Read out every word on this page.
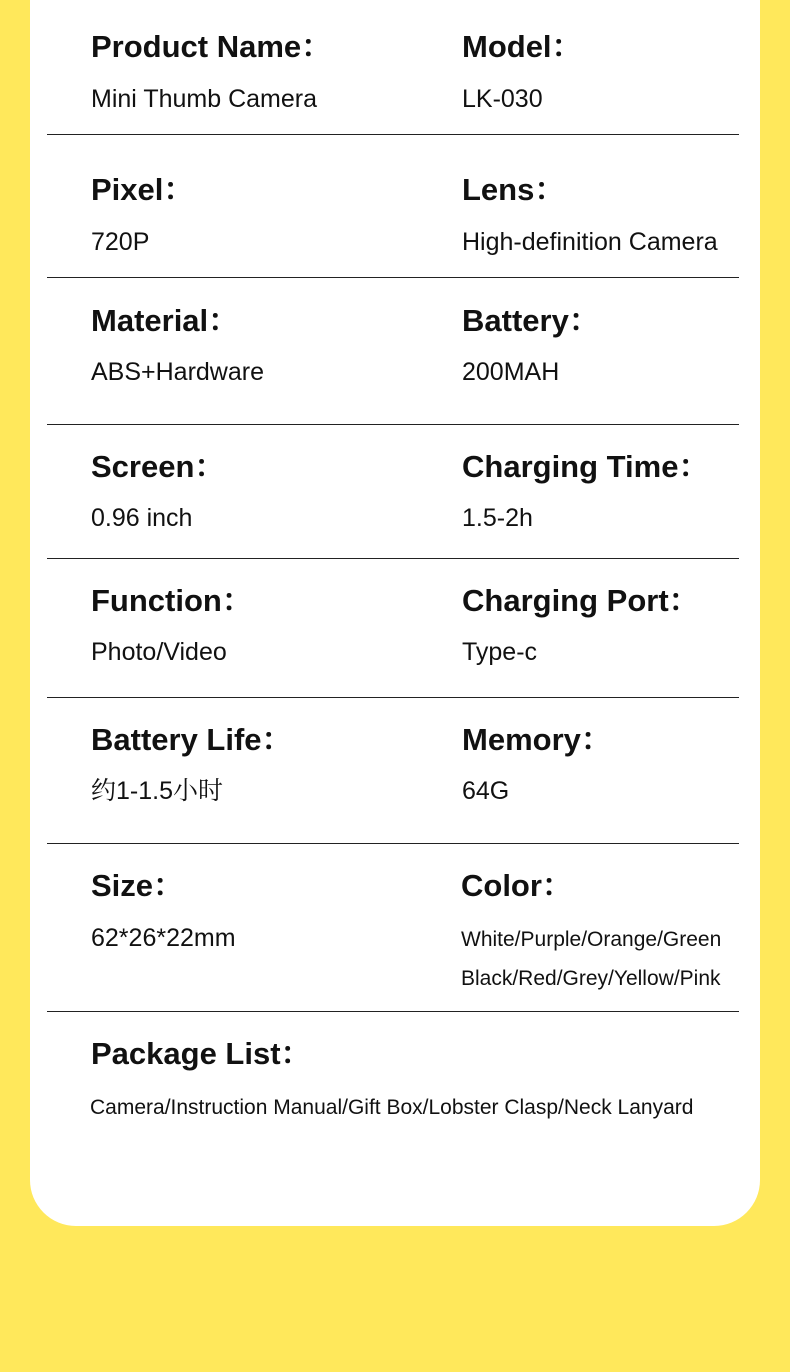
Product Name：
Mini Thumb Camera
Model：
LK-030
Pixel：
720P
Lens：
High-definition Camera
Material：
ABS+Hardware
Battery：
200MAH
Screen：
0.96 inch
Charging Time：
1.5-2h
Function：
Photo/Video
Charging Port：
Type-c
Battery Life：
约1-1.5小时
Memory：
64G
Size：
62*26*22mm
Color：
White/Purple/Orange/Green
Black/Red/Grey/Yellow/Pink
Package List：
Camera/Instruction Manual/Gift Box/Lobster Clasp/Neck Lanyard
